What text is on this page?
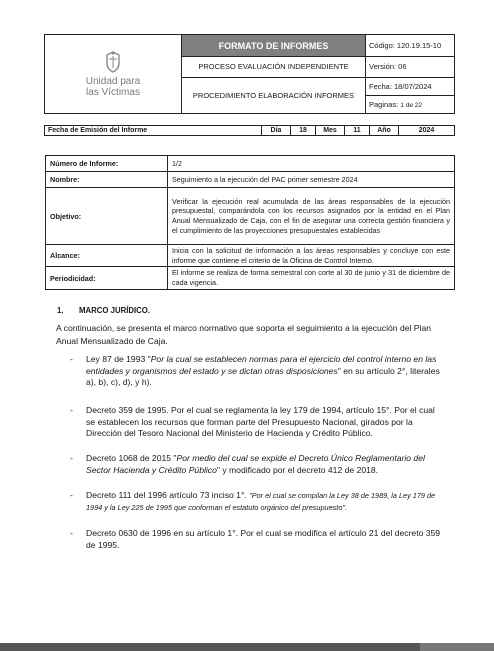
Unidad para
las Víctimas	FORMATO DE INFORMES	Código: 120.19.15-10
	PROCESO EVALUACIÓN INDEPENDIENTE	Versión: 06
	PROCEDIMIENTO ELABORACIÓN INFORMES	Fecha: 18/07/2024
		Paginas: 1 de 22
Fecha de Emisión del Informe	Día	18	Mes	11	Año	2024
Número de Informe:	1/2
Nombre:	Seguimiento a la ejecución del PAC primer semestre 2024
Objetivo:	Verificar la ejecución real acumulada de las áreas responsables de la ejecución presupuestal, comparándola con los recursos asignados por la entidad en el Plan Anual Mensualizado de Caja, con el fin de asegurar una correcta gestión financiera y el cumplimiento de las proyecciones presupuestales establecidas
Alcance:	Inicia con la solicitud de información a las áreas responsables y concluye con este informe que contiene el criterio de la Oficina de Control Interno.
Periodicidad:	El informe se realiza de forma semestral con corte al 30 de junio y 31 de diciembre de cada vigencia.
1. MARCO JURÍDICO.
A continuación, se presenta el marco normativo que soporta el seguimiento a la ejecución del Plan Anual Mensualizado de Caja.
- Ley 87 de 1993 "Por la cual se establecen normas para el ejercicio del control interno en las entidades y organismos del estado y se dictan otras disposiciones" en su artículo 2°, literales a), b), c), d), y h).
- Decreto 359 de 1995. Por el cual se reglamenta la ley 179 de 1994, artículo 15°. Por el cual se establecen los recursos que forman parte del Presupuesto Nacional, girados por la Dirección del Tesoro Nacional del Ministerio de Hacienda y Crédito Público.
- Decreto 1068 de 2015 "Por medio del cual se expide el Decreto Único Reglamentario del Sector Hacienda y Crédito Público" y modificado por el decreto 412 de 2018.
- Decreto 111 del 1996 artículo 73 inciso 1°. "Por el cual se compilan la Ley 38 de 1989, la Ley 179 de 1994 y la Ley 225 de 1995 que conforman el estatuto orgánico del presupuesto".
- Decreto 0630 de 1996 en su artículo 1°. Por el cual se modifica el artículo 21 del decreto 359 de 1995.
